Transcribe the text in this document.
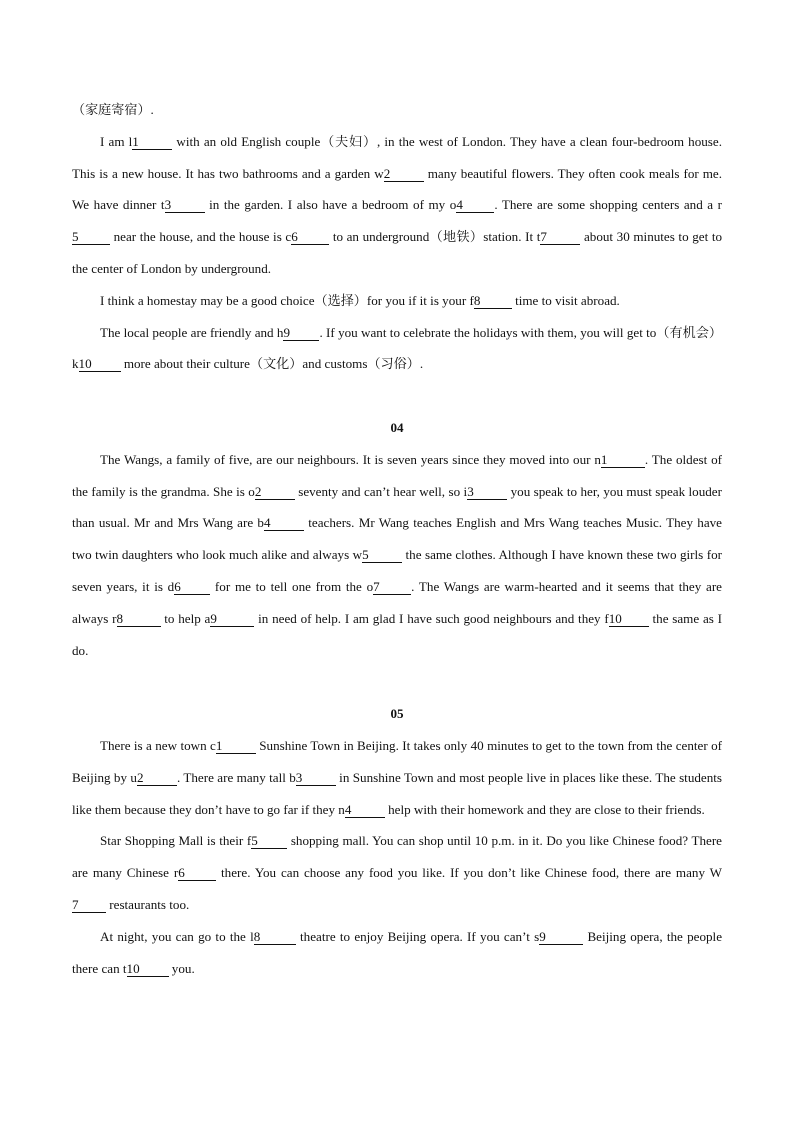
（家庭寄宿）.

I am l1	with an old English couple（夫妇）, in the west of London. They have a clean four-bedroom house. This is a new house. It has two bathrooms and a garden w2	many beautiful flowers. They often cook meals for me. We have dinner t3	in the garden. I also have a bedroom of my o4 . There are some shopping centers and a r5 near the house, and the house is c6 to an underground（地铁）station. It t7	about 30 minutes to get to the center of London by underground.

I think a homestay may be a good choice（选择）for you if it is your f8 time to visit abroad.

The local people are friendly and h9 . If you want to celebrate the holidays with them, you will get to（有机会）k10 more about their culture（文化）and customs（习俗）.

04

The Wangs, a family of five, are our neighbours. It is seven years since they moved into our n1	. The oldest of the family is the grandma. She is o2	seventy and can’t hear well, so i3	you speak to her, you must speak louder than usual. Mr and Mrs Wang are b4	teachers. Mr Wang teaches English and Mrs Wang teaches Music. They have two twin daughters who look much alike and always w5	the same clothes. Although I have known these two girls for seven years, it is d6 for me to tell one from the o7 . The Wangs are warm-hearted and it seems that they are always r8	to help a9	in need of help. I am glad I have such good neighbours and they f10 the same as I do.

05

There is a new town c1	Sunshine Town in Beijing. It takes only 40 minutes to get to the town from the center of Beijing by u2	. There are many tall b3	in Sunshine Town and most people live in places like these. The students like them because they don’t have to go far if they n4	help with their homework and they are close to their friends.

Star Shopping Mall is their f5 shopping mall. You can shop until 10 p.m. in it. Do you like Chinese food? There are many Chinese r6 there. You can choose any food you like. If you don’t like Chinese food, there are many W7 restaurants too.

At night, you can go to the l8	theatre to enjoy Beijing opera. If you can’t s9	Beijing opera, the people there can t10 you.
